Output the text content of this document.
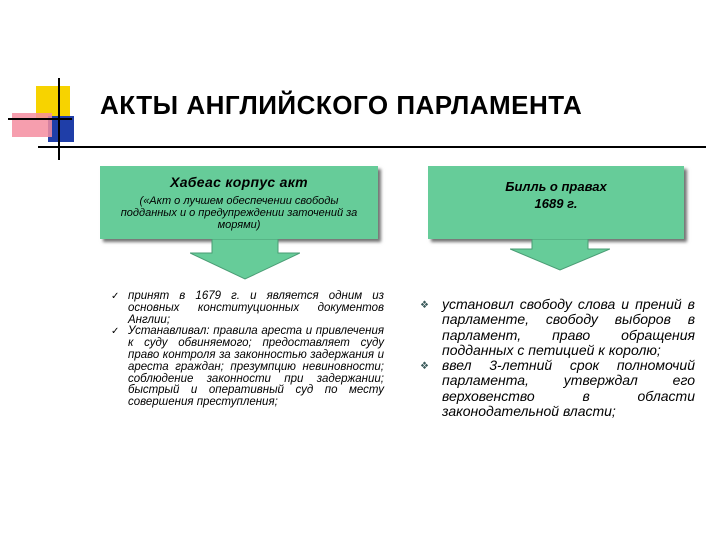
АКТЫ АНГЛИЙСКОГО ПАРЛАМЕНТА
Хабеас корпус акт
(«Акт о лучшем обеспечении свободы подданных и о предупреждении заточений за морями)
Билль о правах
1689 г.
✓ принят в 1679 г. и является одним из основных конституционных документов Англии;
✓ Устанавливал: правила ареста и привлечения к суду обвиняемого; предоставляет суду право контроля за законностью задержания и ареста граждан; презумпцию невиновности; соблюдение законности при задержании; быстрый и оперативный суд по месту совершения преступления;
❖ установил свободу слова и прений в парламенте, свободу выборов в парламент, право обращения подданных с петицией к королю;
❖ ввел 3-летний срок полномочий парламента, утверждал его верховенство в области законодательной власти;
